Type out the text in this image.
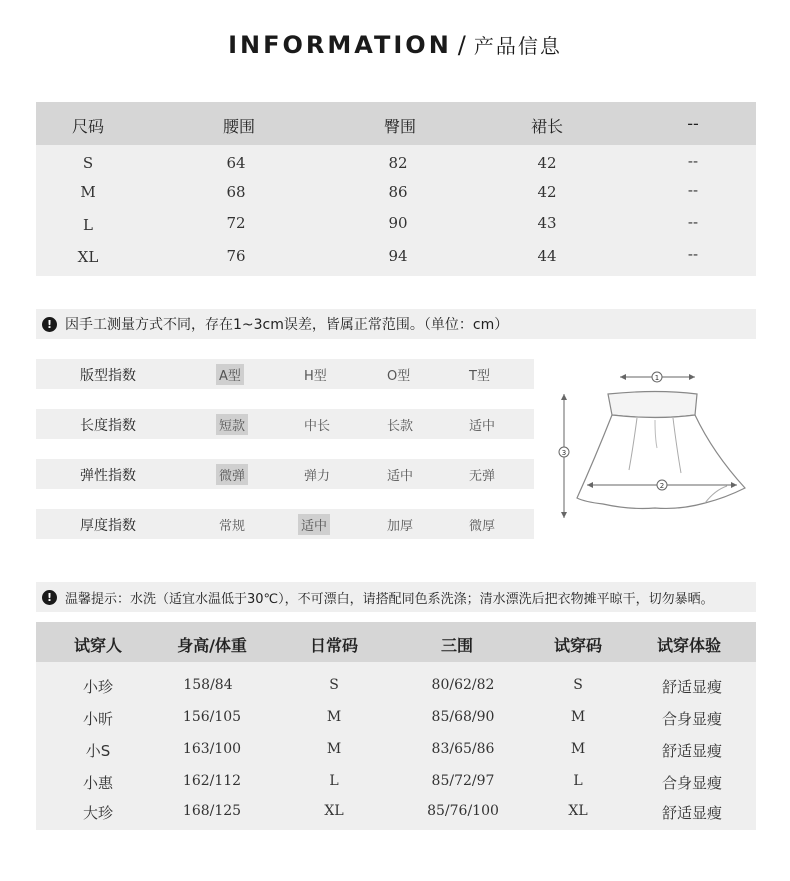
INFORMATION / 产品信息
尺码	腰围	臀围	裙长	--
S	64	82	42	--
M	68	86	42	--
L	72	90	43	--
XL	76	94	44	--
! 因手工测量方式不同，存在1~3cm误差，皆属正常范围。（单位：cm）
版型指数	A型	H型	O型	T型
长度指数	短款	中长	长款	适中
弹性指数	微弹	弹力	适中	无弹
厚度指数	常规	适中	加厚	微厚
1
2
3
! 温馨提示：水洗（适宜水温低于30℃），不可漂白，请搭配同色系洗涤；清水漂洗后把衣物摊平晾干，切勿暴晒。
试穿人	身高/体重	日常码	三围	试穿码	试穿体验
小珍	158/84	S	80/62/82	S	舒适显瘦
小昕	156/105	M	85/68/90	M	合身显瘦
小S	163/100	M	83/65/86	M	舒适显瘦
小惠	162/112	L	85/72/97	L	合身显瘦
大珍	168/125	XL	85/76/100	XL	舒适显瘦
